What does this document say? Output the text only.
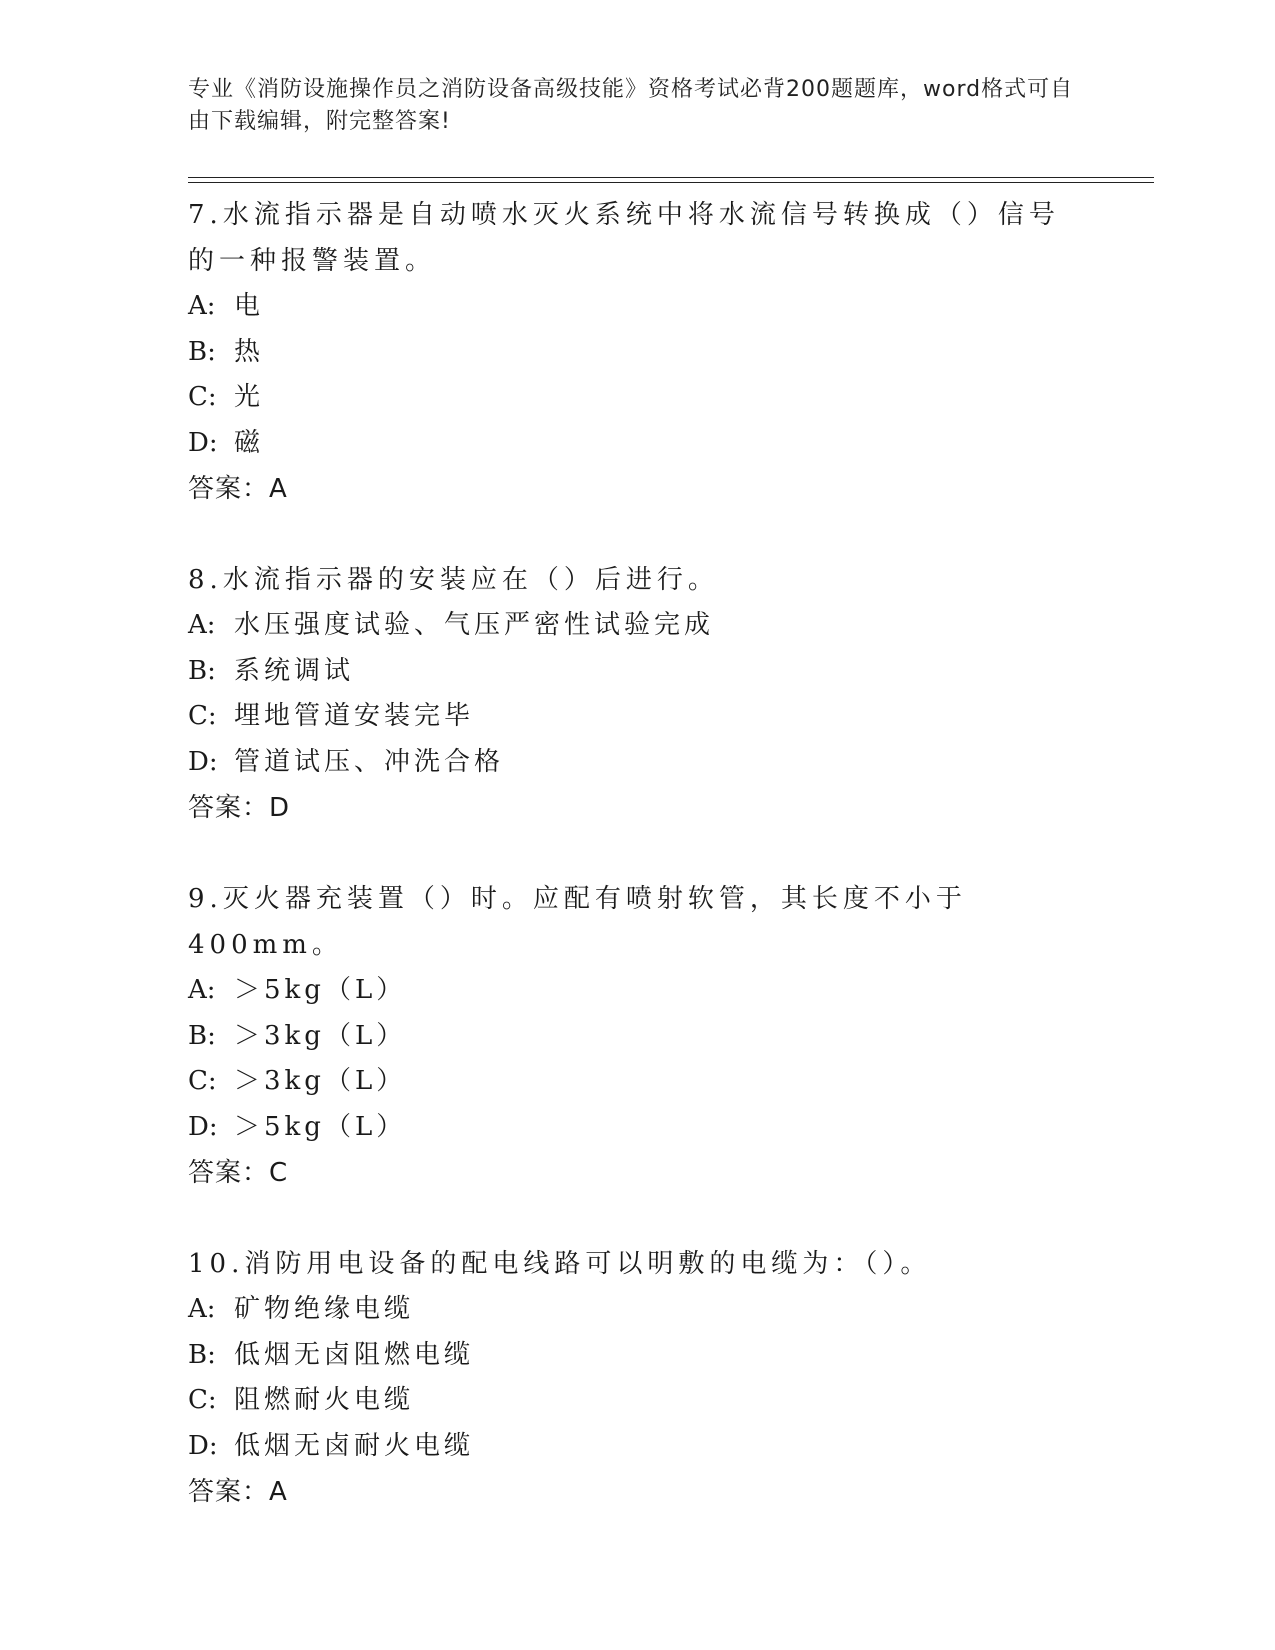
专业《消防设施操作员之消防设备高级技能》资格考试必背200题题库，word格式可自由下载编辑，附完整答案!
7.水流指示器是自动喷水灭火系统中将水流信号转换成（）信号的一种报警装置。
A: 电
B: 热
C: 光
D: 磁
答案：A
8.水流指示器的安装应在（）后进行。
A: 水压强度试验、气压严密性试验完成
B: 系统调试
C: 埋地管道安装完毕
D: 管道试压、冲洗合格
答案：D
9.灭火器充装置（）时。应配有喷射软管，其长度不小于400mm。
A: ＞5kg（L）
B: ＞3kg（L）
C: ＞3kg（L）
D: ＞5kg（L）
答案：C
10.消防用电设备的配电线路可以明敷的电缆为：（）。
A: 矿物绝缘电缆
B: 低烟无卤阻燃电缆
C: 阻燃耐火电缆
D: 低烟无卤耐火电缆
答案：A
